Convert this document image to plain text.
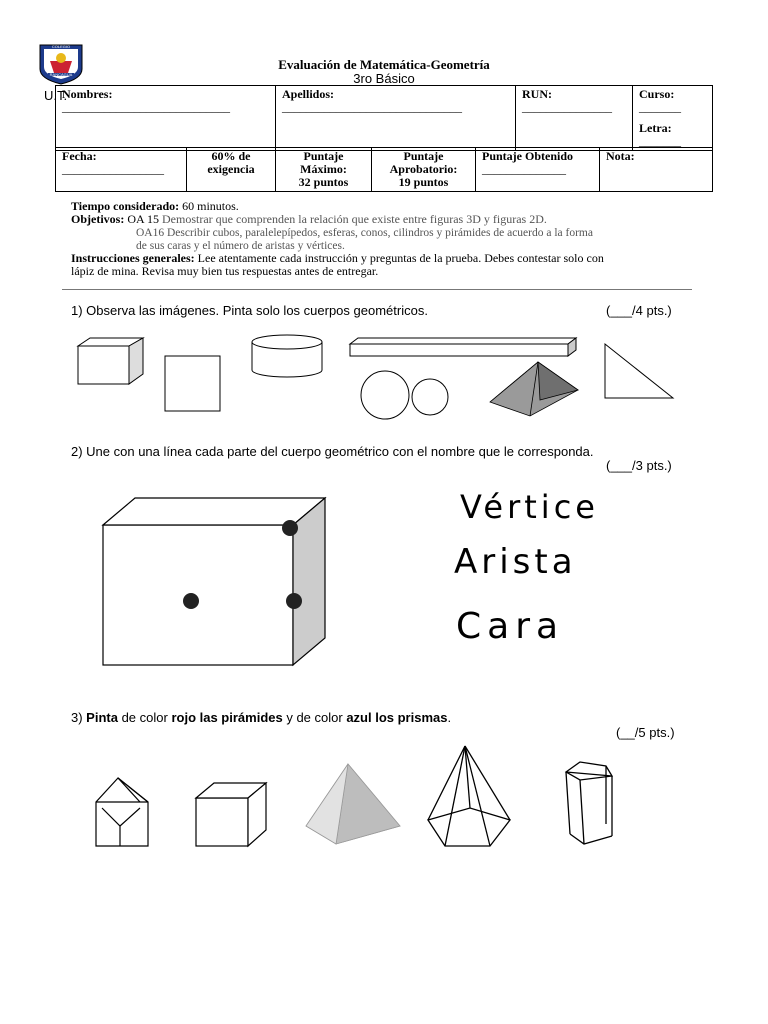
COLEGIO
MOISÉS
RANCAGUA
Evaluación de Matemática-Geometría
3ro Básico
U.T.
Nombres:
____________________________
	Apellidos:
______________________________
	RUN:
_______________
	Curso:
_______
Letra:
_______
Fecha:
_________________
	60% de
exigencia	Puntaje
Máximo:
32 puntos	Puntaje
Aprobatorio:
19 puntos	Puntaje Obtenido
______________
	Nota:
Tiempo considerado: 60 minutos.
Objetivos: OA 15 Demostrar que comprenden la relación que existe entre figuras 3D y figuras 2D.
OA16 Describir cubos, paralelepípedos, esferas, conos, cilindros y pirámides de acuerdo a la forma
de sus caras y el número de aristas y vértices.
Instrucciones generales: Lee atentamente cada instrucción y preguntas de la prueba. Debes contestar solo con
lápiz de mina. Revisa muy bien tus respuestas antes de entregar.
1) Observa las imágenes. Pinta solo los cuerpos geométricos.	(___/4 pts.)
2) Une con una línea cada parte del cuerpo geométrico con el nombre que le corresponda.
(___/3 pts.)
Vértice
Arista
Cara
3) Pinta de color rojo las pirámides y de color azul los prismas.
(__/5 pts.)
